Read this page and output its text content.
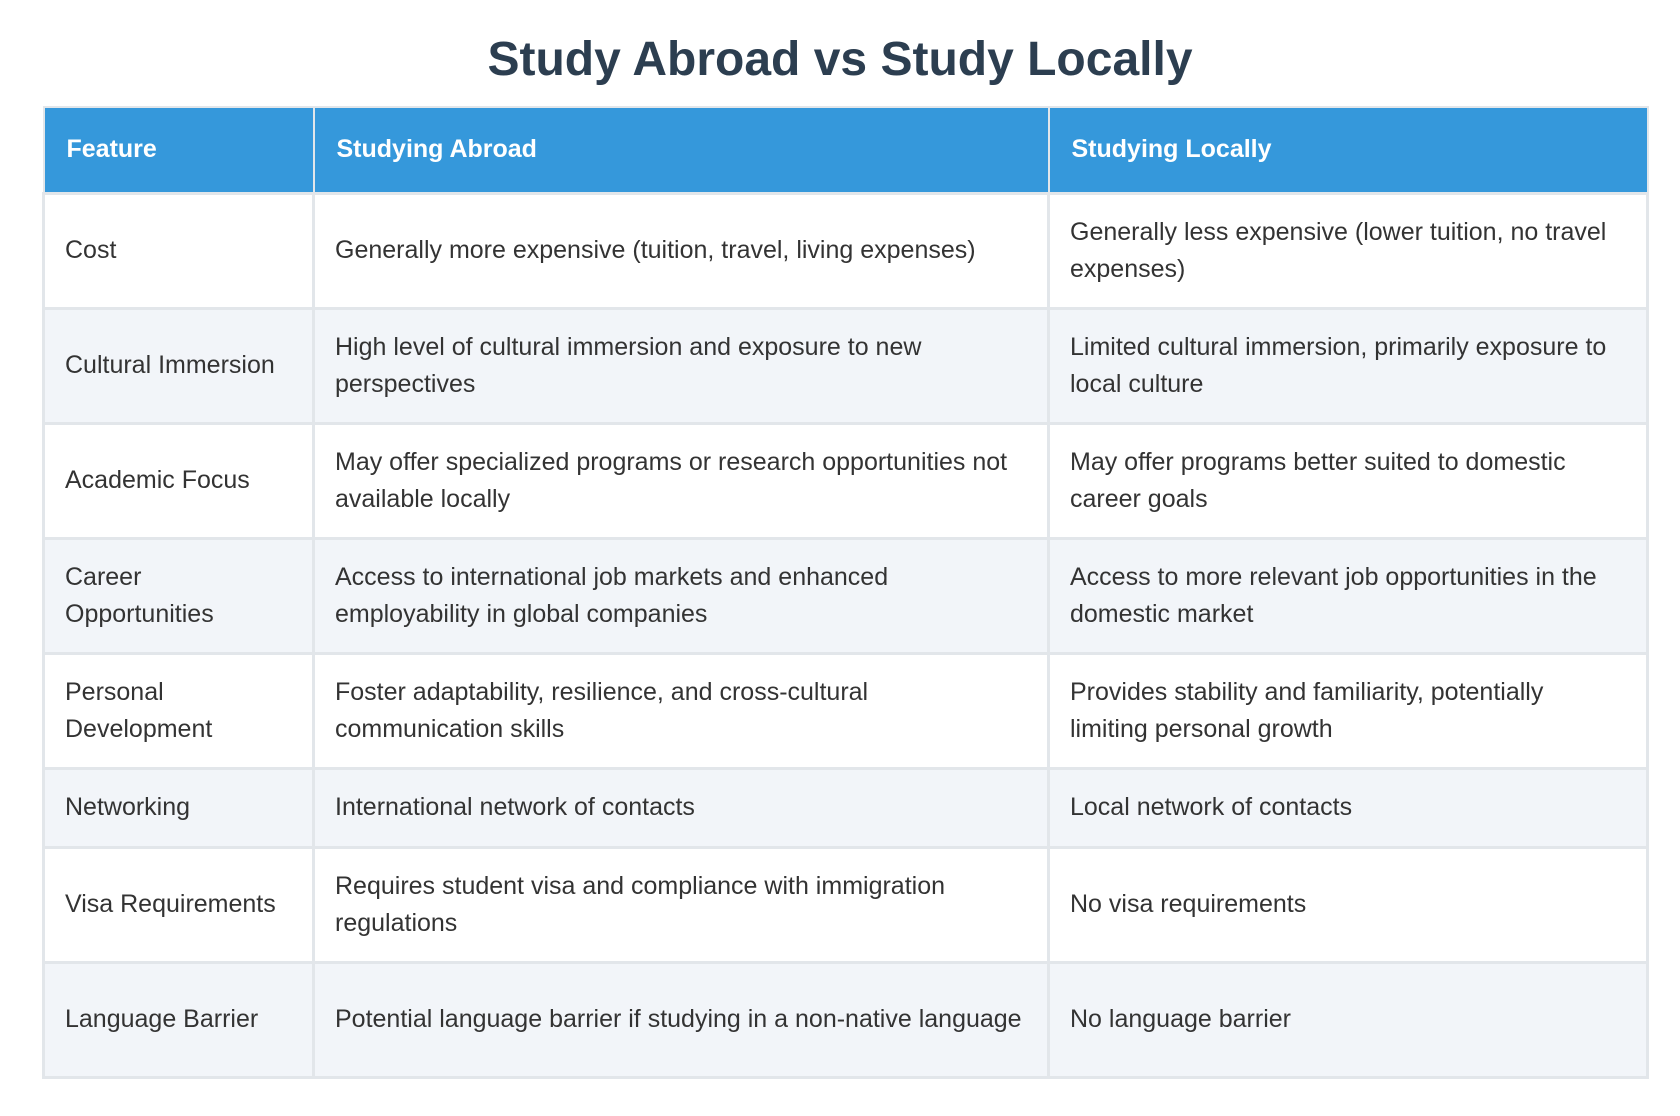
Study Abroad vs Study Locally
Feature	Studying Abroad	Studying Locally
Cost	Generally more expensive (tuition, travel, living expenses)	Generally less expensive (lower tuition, no travel expenses)
Cultural Immersion	High level of cultural immersion and exposure to new perspectives	Limited cultural immersion, primarily exposure to local culture
Academic Focus	May offer specialized programs or research opportunities not available locally	May offer programs better suited to domestic career goals
Career Opportunities	Access to international job markets and enhanced employability in global companies	Access to more relevant job opportunities in the domestic market
Personal Development	Foster adaptability, resilience, and cross-cultural communication skills	Provides stability and familiarity, potentially limiting personal growth
Networking	International network of contacts	Local network of contacts
Visa Requirements	Requires student visa and compliance with immigration regulations	No visa requirements
Language Barrier	Potential language barrier if studying in a non-native language	No language barrier
